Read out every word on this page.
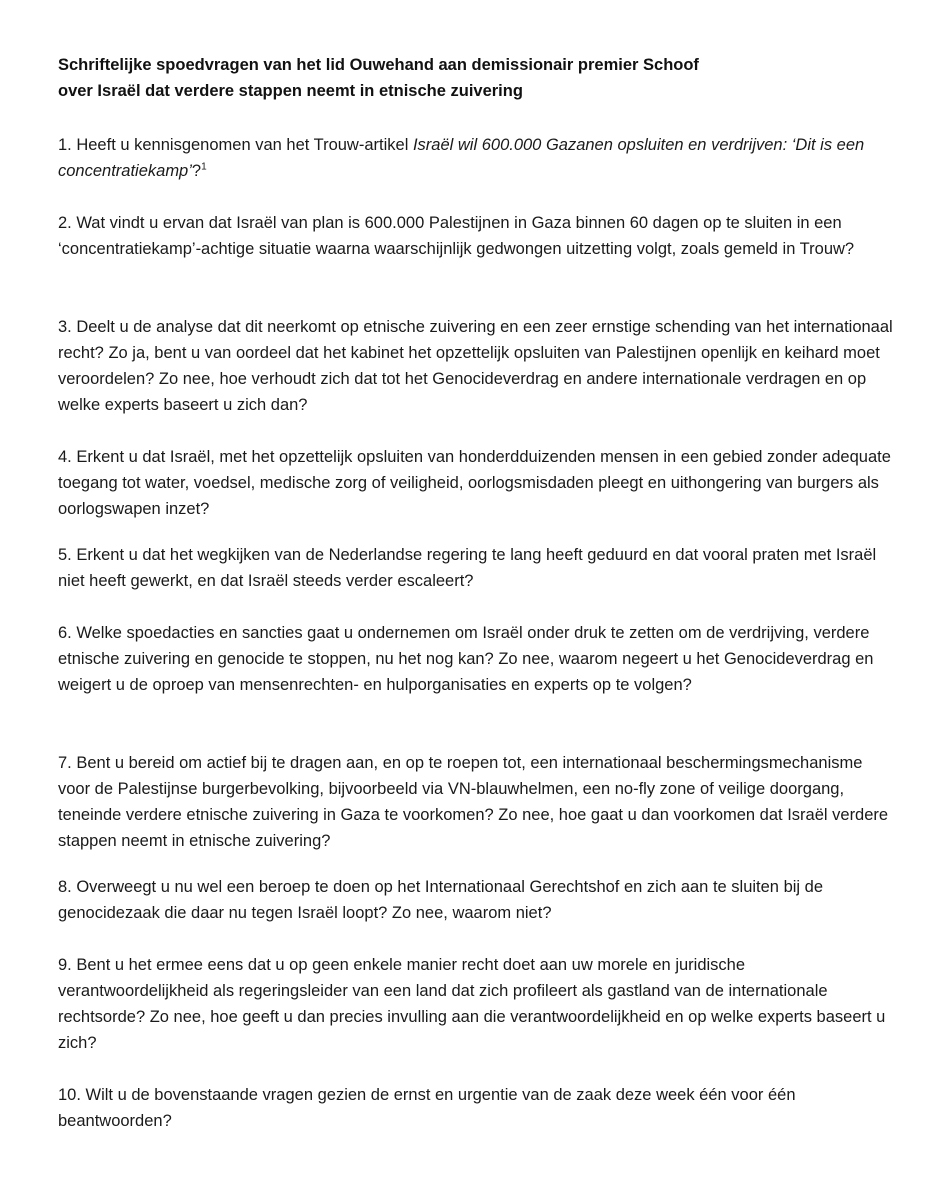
Schriftelijke spoedvragen van het lid Ouwehand aan demissionair premier Schoof
over Israël dat verdere stappen neemt in etnische zuivering

1. Heeft u kennisgenomen van het Trouw-artikel Israël wil 600.000 Gazanen opsluiten en verdrijven: ‘Dit is een concentratiekamp’?$^1$

2. Wat vindt u ervan dat Israël van plan is 600.000 Palestijnen in Gaza binnen 60 dagen op te sluiten in een ‘concentratiekamp’-achtige situatie waarna waarschijnlijk gedwongen uitzetting volgt, zoals gemeld in Trouw?

3. Deelt u de analyse dat dit neerkomt op etnische zuivering en een zeer ernstige schending van het internationaal recht? Zo ja, bent u van oordeel dat het kabinet het opzettelijk opsluiten van Palestijnen openlijk en keihard moet veroordelen? Zo nee, hoe verhoudt zich dat tot het Genocideverdrag en andere internationale verdragen en op welke experts baseert u zich dan?

4. Erkent u dat Israël, met het opzettelijk opsluiten van honderdduizenden mensen in een gebied zonder adequate toegang tot water, voedsel, medische zorg of veiligheid, oorlogsmisdaden pleegt en uithongering van burgers als oorlogswapen inzet?

5. Erkent u dat het wegkijken van de Nederlandse regering te lang heeft geduurd en dat vooral praten met Israël niet heeft gewerkt, en dat Israël steeds verder escaleert?

6. Welke spoedacties en sancties gaat u ondernemen om Israël onder druk te zetten om de verdrijving, verdere etnische zuivering en genocide te stoppen, nu het nog kan? Zo nee, waarom negeert u het Genocideverdrag en weigert u de oproep van mensenrechten- en hulporganisaties en experts op te volgen?

7. Bent u bereid om actief bij te dragen aan, en op te roepen tot, een internationaal beschermingsmechanisme voor de Palestijnse burgerbevolking, bijvoorbeeld via VN-blauwhelmen, een no-fly zone of veilige doorgang, teneinde verdere etnische zuivering in Gaza te voorkomen? Zo nee, hoe gaat u dan voorkomen dat Israël verdere stappen neemt in etnische zuivering?

8. Overweegt u nu wel een beroep te doen op het Internationaal Gerechtshof en zich aan te sluiten bij de genocidezaak die daar nu tegen Israël loopt? Zo nee, waarom niet?

9. Bent u het ermee eens dat u op geen enkele manier recht doet aan uw morele en juridische verantwoordelijkheid als regeringsleider van een land dat zich profileert als gastland van de internationale rechtsorde? Zo nee, hoe geeft u dan precies invulling aan die verantwoordelijkheid en op welke experts baseert u zich?

10. Wilt u de bovenstaande vragen gezien de ernst en urgentie van de zaak deze week één voor één beantwoorden?
